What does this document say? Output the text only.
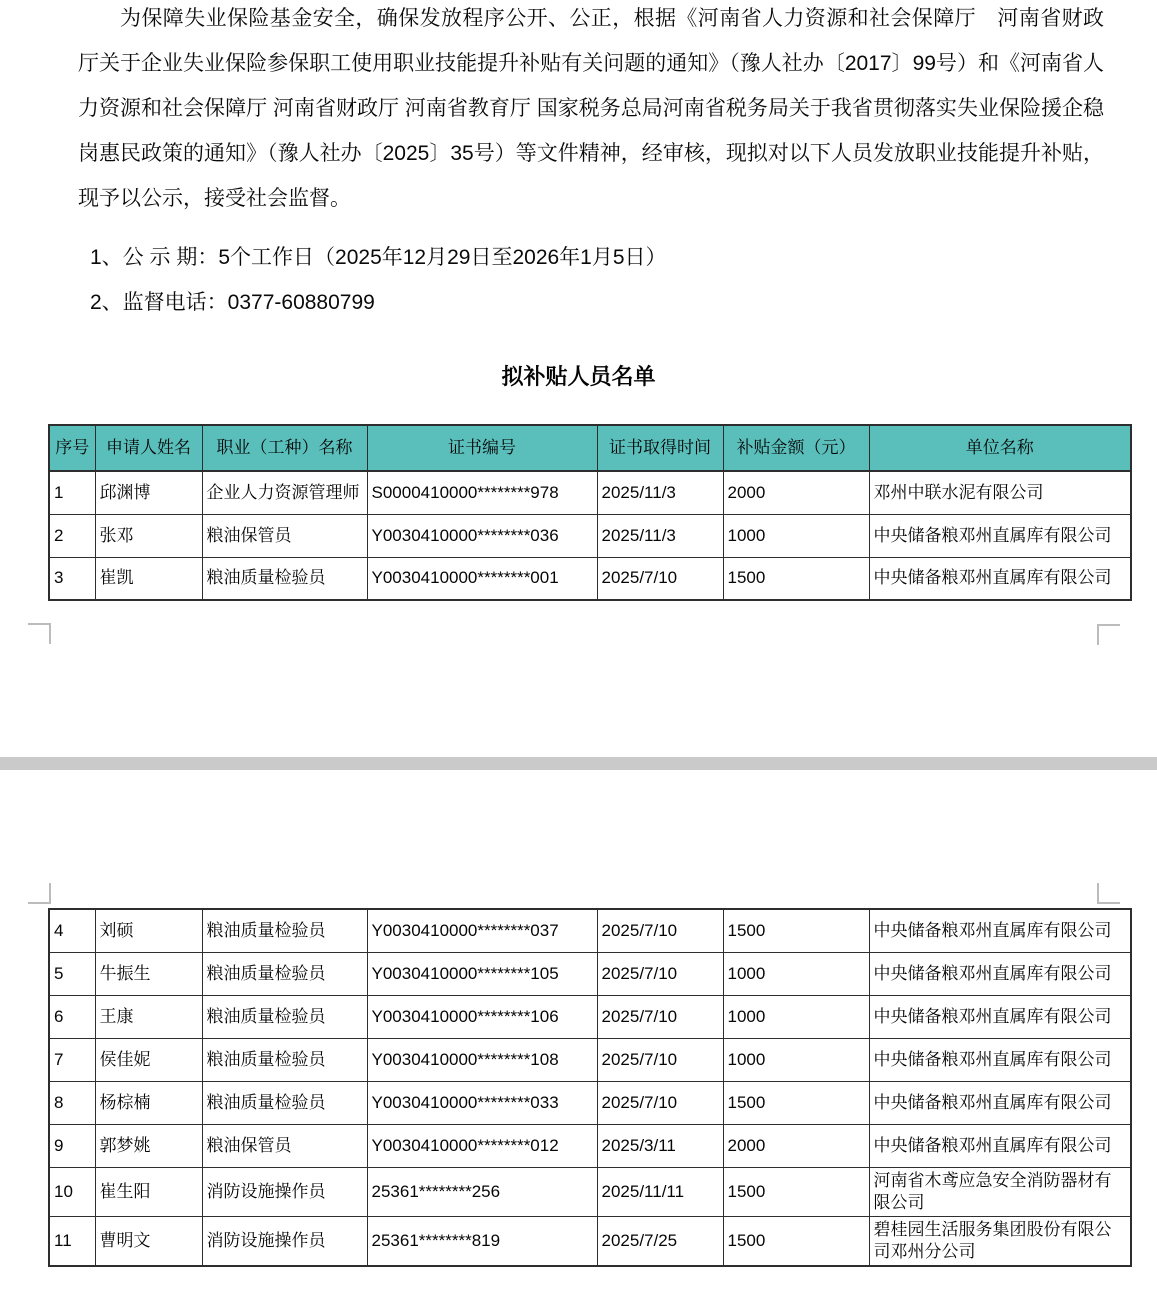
为保障失业保险基金安全，确保发放程序公开、公正，根据《河南省人力资源和社会保障厅　河南省财政厅关于企业失业保险参保职工使用职业技能提升补贴有关问题的通知》（豫人社办〔2017〕99号）和《河南省人力资源和社会保障厅 河南省财政厅 河南省教育厅 国家税务总局河南省税务局关于我省贯彻落实失业保险援企稳岗惠民政策的通知》（豫人社办〔2025〕35号）等文件精神，经审核，现拟对以下人员发放职业技能提升补贴，现予以公示，接受社会监督。

1、公 示 期：5个工作日（2025年12月29日至2026年1月5日）
2、监督电话：0377-60880799
拟补贴人员名单
序号	申请人姓名	职业（工种）名称	证书编号	证书取得时间	补贴金额（元）	单位名称
1	邱渊博	企业人力资源管理师	S0000410000********978	2025/11/3	2000	邓州中联水泥有限公司
2	张邓	粮油保管员	Y0030410000********036	2025/11/3	1000	中央储备粮邓州直属库有限公司
3	崔凯	粮油质量检验员	Y0030410000********001	2025/7/10	1500	中央储备粮邓州直属库有限公司
4	刘硕	粮油质量检验员	Y0030410000********037	2025/7/10	1500	中央储备粮邓州直属库有限公司
5	牛振生	粮油质量检验员	Y0030410000********105	2025/7/10	1000	中央储备粮邓州直属库有限公司
6	王康	粮油质量检验员	Y0030410000********106	2025/7/10	1000	中央储备粮邓州直属库有限公司
7	侯佳妮	粮油质量检验员	Y0030410000********108	2025/7/10	1000	中央储备粮邓州直属库有限公司
8	杨棕楠	粮油质量检验员	Y0030410000********033	2025/7/10	1500	中央储备粮邓州直属库有限公司
9	郭梦姚	粮油保管员	Y0030410000********012	2025/3/11	2000	中央储备粮邓州直属库有限公司
10	崔生阳	消防设施操作员	25361********256	2025/11/11	1500	河南省木鸢应急安全消防器材有限公司
11	曹明文	消防设施操作员	25361********819	2025/7/25	1500	碧桂园生活服务集团股份有限公司邓州分公司
